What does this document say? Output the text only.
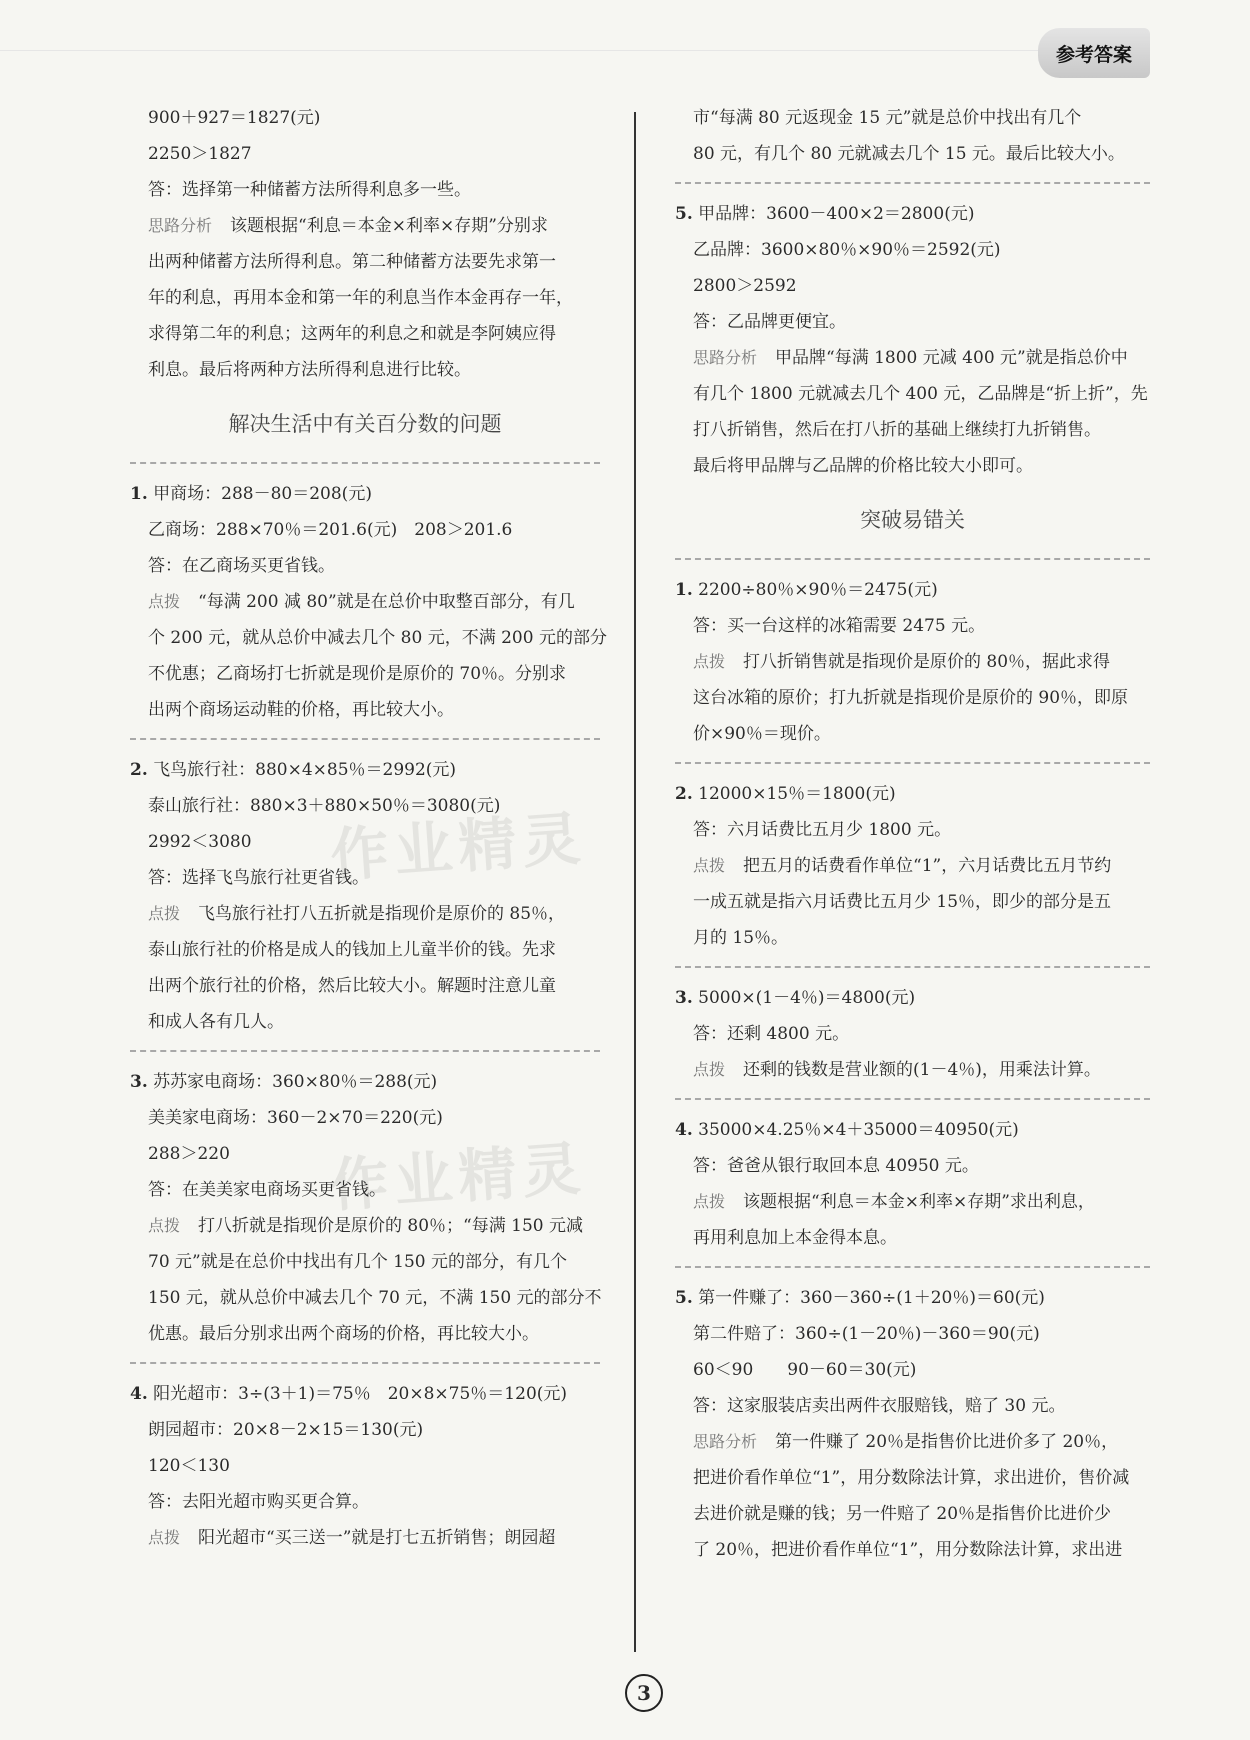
参考答案
900＋927＝1827(元)
2250＞1827
答：选择第一种储蓄方法所得利息多一些。
思路分析 该题根据“利息＝本金×利率×存期”分别求
出两种储蓄方法所得利息。第二种储蓄方法要先求第一
年的利息，再用本金和第一年的利息当作本金再存一年，
求得第二年的利息；这两年的利息之和就是李阿姨应得
利息。最后将两种方法所得利息进行比较。
解决生活中有关百分数的问题
1. 甲商场：288－80＝208(元)
乙商场：288×70％＝201.6(元)　208＞201.6
答：在乙商场买更省钱。
点拨 “每满 200 减 80”就是在总价中取整百部分，有几
个 200 元，就从总价中减去几个 80 元，不满 200 元的部分
不优惠；乙商场打七折就是现价是原价的 70％。分别求
出两个商场运动鞋的价格，再比较大小。
2. 飞鸟旅行社：880×4×85％＝2992(元)
泰山旅行社：880×3＋880×50％＝3080(元)
2992＜3080
答：选择飞鸟旅行社更省钱。
点拨 飞鸟旅行社打八五折就是指现价是原价的 85％，
泰山旅行社的价格是成人的钱加上儿童半价的钱。先求
出两个旅行社的价格，然后比较大小。解题时注意儿童
和成人各有几人。
3. 苏苏家电商场：360×80％＝288(元)
美美家电商场：360－2×70＝220(元)
288＞220
答：在美美家电商场买更省钱。
点拨 打八折就是指现价是原价的 80％；“每满 150 元减
70 元”就是在总价中找出有几个 150 元的部分，有几个
150 元，就从总价中减去几个 70 元，不满 150 元的部分不
优惠。最后分别求出两个商场的价格，再比较大小。
4. 阳光超市：3÷(3＋1)＝75％　20×8×75％＝120(元)
朗园超市：20×8－2×15＝130(元)
120＜130
答：去阳光超市购买更合算。
点拨 阳光超市“买三送一”就是打七五折销售；朗园超
市“每满 80 元返现金 15 元”就是总价中找出有几个
80 元，有几个 80 元就减去几个 15 元。最后比较大小。
5. 甲品牌：3600－400×2＝2800(元)
乙品牌：3600×80％×90％＝2592(元)
2800＞2592
答：乙品牌更便宜。
思路分析 甲品牌“每满 1800 元减 400 元”就是指总价中
有几个 1800 元就减去几个 400 元，乙品牌是“折上折”，先
打八折销售，然后在打八折的基础上继续打九折销售。
最后将甲品牌与乙品牌的价格比较大小即可。
突破易错关
1. 2200÷80％×90％＝2475(元)
答：买一台这样的冰箱需要 2475 元。
点拨 打八折销售就是指现价是原价的 80％，据此求得
这台冰箱的原价；打九折就是指现价是原价的 90％，即原
价×90％＝现价。
2. 12000×15％＝1800(元)
答：六月话费比五月少 1800 元。
点拨 把五月的话费看作单位“1”，六月话费比五月节约
一成五就是指六月话费比五月少 15％，即少的部分是五
月的 15％。
3. 5000×(1－4％)＝4800(元)
答：还剩 4800 元。
点拨 还剩的钱数是营业额的(1－4％)，用乘法计算。
4. 35000×4.25％×4＋35000＝40950(元)
答：爸爸从银行取回本息 40950 元。
点拨 该题根据“利息＝本金×利率×存期”求出利息，
再用利息加上本金得本息。
5. 第一件赚了：360－360÷(1＋20％)＝60(元)
第二件赔了：360÷(1－20％)－360＝90(元)
60＜90　　90－60＝30(元)
答：这家服装店卖出两件衣服赔钱，赔了 30 元。
思路分析 第一件赚了 20％是指售价比进价多了 20％，
把进价看作单位“1”，用分数除法计算，求出进价，售价减
去进价就是赚的钱；另一件赔了 20％是指售价比进价少
了 20％，把进价看作单位“1”，用分数除法计算，求出进
作业精灵
作业精灵
3
